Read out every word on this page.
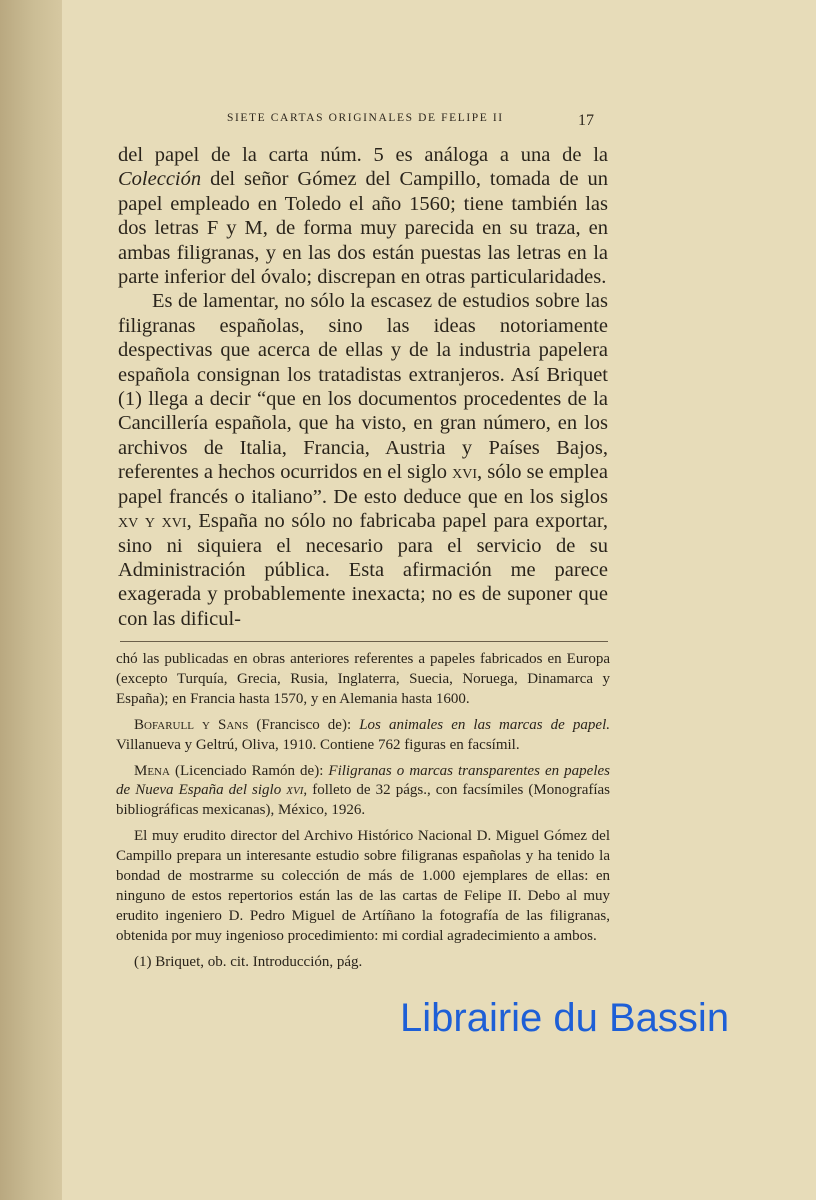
SIETE CARTAS ORIGINALES DE FELIPE II	17

del papel de la carta núm. 5 es análoga a una de la Colección del señor Gómez del Campillo, tomada de un papel empleado en Toledo el año 1560; tiene también las dos letras F y M, de forma muy parecida en su traza, en ambas filigranas, y en las dos están puestas las letras en la parte inferior del óvalo; discrepan en otras particularidades.

Es de lamentar, no sólo la escasez de estudios sobre las filigranas españolas, sino las ideas notoriamente despectivas que acerca de ellas y de la industria papelera española consignan los tratadistas extranjeros. Así Briquet (1) llega a decir “que en los documentos procedentes de la Cancillería española, que ha visto, en gran número, en los archivos de Italia, Francia, Austria y Países Bajos, referentes a hechos ocurridos en el siglo xvi, sólo se emplea papel francés o italiano”. De esto deduce que en los siglos xv y xvi, España no sólo no fabricaba papel para exportar, sino ni siquiera el necesario para el servicio de su Administración pública. Esta afirmación me parece exagerada y probablemente inexacta; no es de suponer que con las dificul-

chó las publicadas en obras anteriores referentes a papeles fabricados en Europa (excepto Turquía, Grecia, Rusia, Inglaterra, Suecia, Noruega, Dinamarca y España); en Francia hasta 1570, y en Alemania hasta 1600.

Bofarull y Sans (Francisco de): Los animales en las marcas de papel. Villanueva y Geltrú, Oliva, 1910. Contiene 762 figuras en facsímil.

Mena (Licenciado Ramón de): Filigranas o marcas transparentes en papeles de Nueva España del siglo xvi, folleto de 32 págs., con facsímiles (Monografías bibliográficas mexicanas), México, 1926.

El muy erudito director del Archivo Histórico Nacional D. Miguel Gómez del Campillo prepara un interesante estudio sobre filigranas españolas y ha tenido la bondad de mostrarme su colección de más de 1.000 ejemplares de ellas: en ninguno de estos repertorios están las de las cartas de Felipe II. Debo al muy erudito ingeniero D. Pedro Miguel de Artíñano la fotografía de las filigranas, obtenida por muy ingenioso procedimiento: mi cordial agradecimiento a ambos.

(1) Briquet, ob. cit. Introducción, pág.

Librairie du Bassin
